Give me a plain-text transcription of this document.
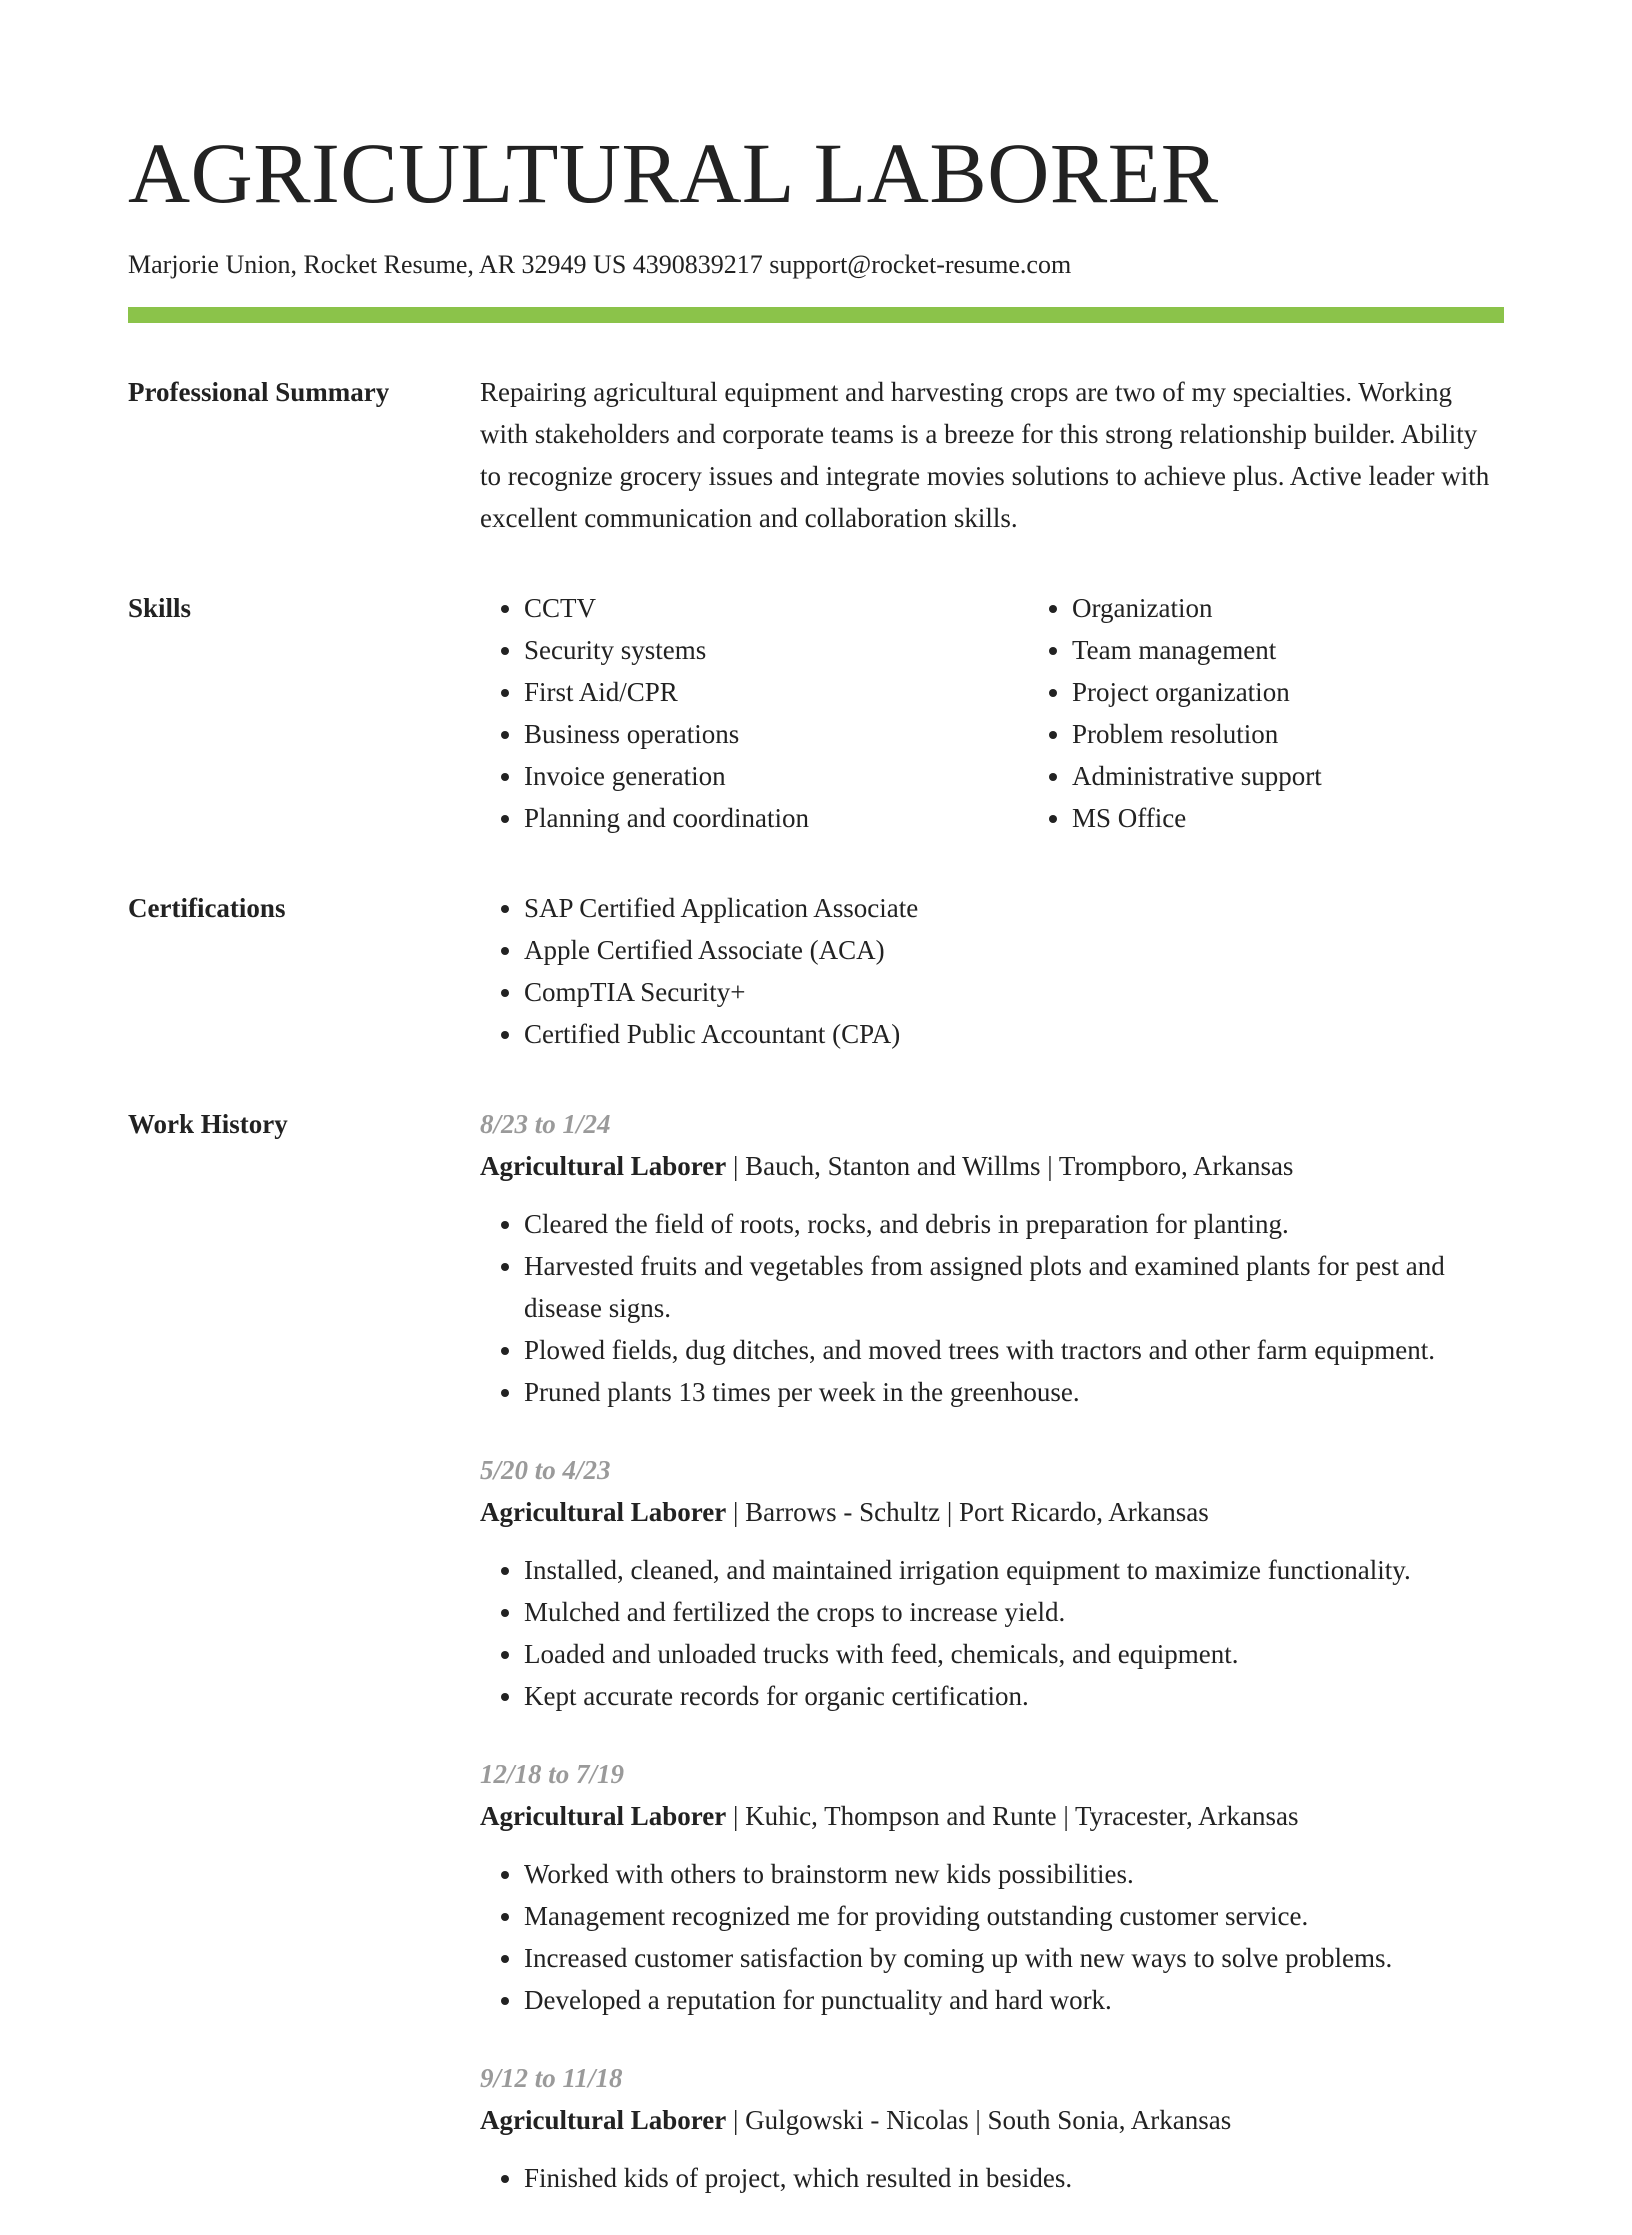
AGRICULTURAL LABORER
Marjorie Union, Rocket Resume, AR 32949 US 4390839217 support@rocket-resume.com
Professional Summary	Repairing agricultural equipment and harvesting crops are two of my specialties. Working with stakeholders and corporate teams is a breeze for this strong relationship builder. Ability to recognize grocery issues and integrate movies solutions to achieve plus. Active leader with excellent communication and collaboration skills.

Skills	• CCTV
• Security systems
• First Aid/CPR
• Business operations
• Invoice generation
• Planning and coordination
• Organization
• Team management
• Project organization
• Problem resolution
• Administrative support
• MS Office
Certifications	• SAP Certified Application Associate
• Apple Certified Associate (ACA)
• CompTIA Security+
• Certified Public Accountant (CPA)
Work History	8/23 to 1/24
Agricultural Laborer | Bauch, Stanton and Willms | Trompboro, Arkansas
• Cleared the field of roots, rocks, and debris in preparation for planting.
• Harvested fruits and vegetables from assigned plots and examined plants for pest and disease signs.
• Plowed fields, dug ditches, and moved trees with tractors and other farm equipment.
• Pruned plants 13 times per week in the greenhouse.
5/20 to 4/23
Agricultural Laborer | Barrows - Schultz | Port Ricardo, Arkansas
• Installed, cleaned, and maintained irrigation equipment to maximize functionality.
• Mulched and fertilized the crops to increase yield.
• Loaded and unloaded trucks with feed, chemicals, and equipment.
• Kept accurate records for organic certification.
12/18 to 7/19
Agricultural Laborer | Kuhic, Thompson and Runte | Tyracester, Arkansas
• Worked with others to brainstorm new kids possibilities.
• Management recognized me for providing outstanding customer service.
• Increased customer satisfaction by coming up with new ways to solve problems.
• Developed a reputation for punctuality and hard work.
9/12 to 11/18
Agricultural Laborer | Gulgowski - Nicolas | South Sonia, Arkansas
• Finished kids of project, which resulted in besides.
